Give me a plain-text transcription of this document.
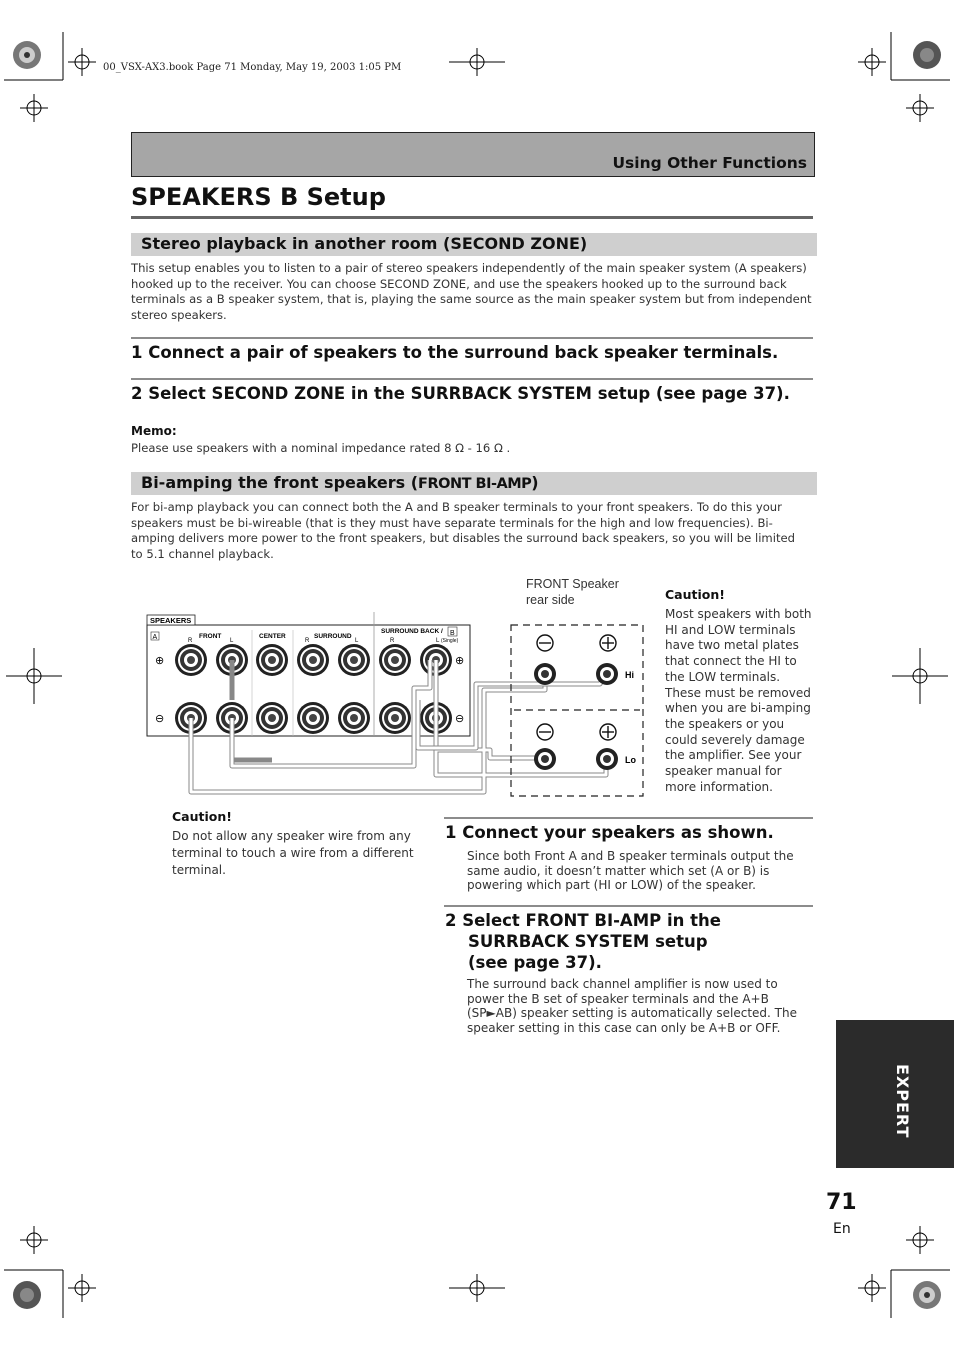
00_VSX-AX3.book Page 71 Monday, May 19, 2003 1:05 PM
Using Other Functions
SPEAKERS B Setup
Stereo playback in another room (SECOND ZONE)
This setup enables you to listen to a pair of stereo speakers independently of the main speaker system (A speakers) hooked up to the receiver. You can choose SECOND ZONE, and use the speakers hooked up to the surround back terminals as a B speaker system, that is, playing the same source as the main speaker system but from independent stereo speakers.
1 Connect a pair of speakers to the surround back speaker terminals.
2 Select SECOND ZONE in the SURRBACK SYSTEM setup (see page 37).
Memo:
Please use speakers with a nominal impedance rated 8 Ω - 16 Ω .
Bi-amping the front speakers (FRONT BI-AMP)
For bi-amp playback you can connect both the A and B speaker terminals to your front speakers. To do this your speakers must be bi-wireable (that is they must have separate terminals for the high and low frequencies). Bi-amping delivers more power to the front speakers, but disables the surround back speakers, so you will be limited to 5.1 channel playback.
SPEAKERS
A
B
FRONT	CENTER	SURROUND
SURROUND BACK /
(Single)
R	L	R	L	R	L
⊕
⊖
⊕
⊖
FRONT Speaker
rear side
Hi
Lo
Caution!
Most speakers with both
HI and LOW terminals
have two metal plates
that connect the HI to
the LOW terminals.
These must be removed
when you are bi-amping
the speakers or you
could severely damage
the amplifier. See your
speaker manual for
more information.
Caution!
Do not allow any speaker wire from any
terminal to touch a wire from a different
terminal.
1 Connect your speakers as shown.
Since both Front A and B speaker terminals output the same audio, it doesn’t matter which set (A or B) is powering which part (HI or LOW) of the speaker.
2 Select FRONT BI-AMP in the
SURRBACK SYSTEM setup
(see page 37).
The surround back channel amplifier is now used to power the B set of speaker terminals and the A+B (SP►AB) speaker setting is automatically selected. The speaker setting in this case can only be A+B or OFF.
EXPERT
71
En
